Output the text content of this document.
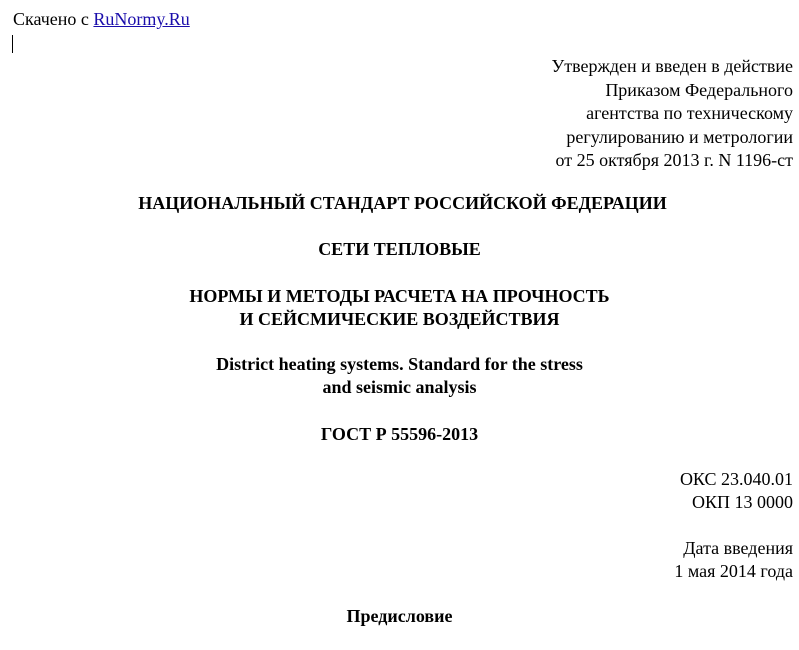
Скачено с RuNormy.Ru
Утвержден и введен в действие
Приказом Федерального
агентства по техническому
регулированию и метрологии
от 25 октября 2013 г. N 1196-ст
НАЦИОНАЛЬНЫЙ СТАНДАРТ РОССИЙСКОЙ ФЕДЕРАЦИИ
СЕТИ ТЕПЛОВЫЕ
НОРМЫ И МЕТОДЫ РАСЧЕТА НА ПРОЧНОСТЬ
И СЕЙСМИЧЕСКИЕ ВОЗДЕЙСТВИЯ
District heating systems. Standard for the stress
and seismic analysis
ГОСТ Р 55596-2013
ОКС 23.040.01
ОКП 13 0000
Дата введения
1 мая 2014 года
Предисловие
